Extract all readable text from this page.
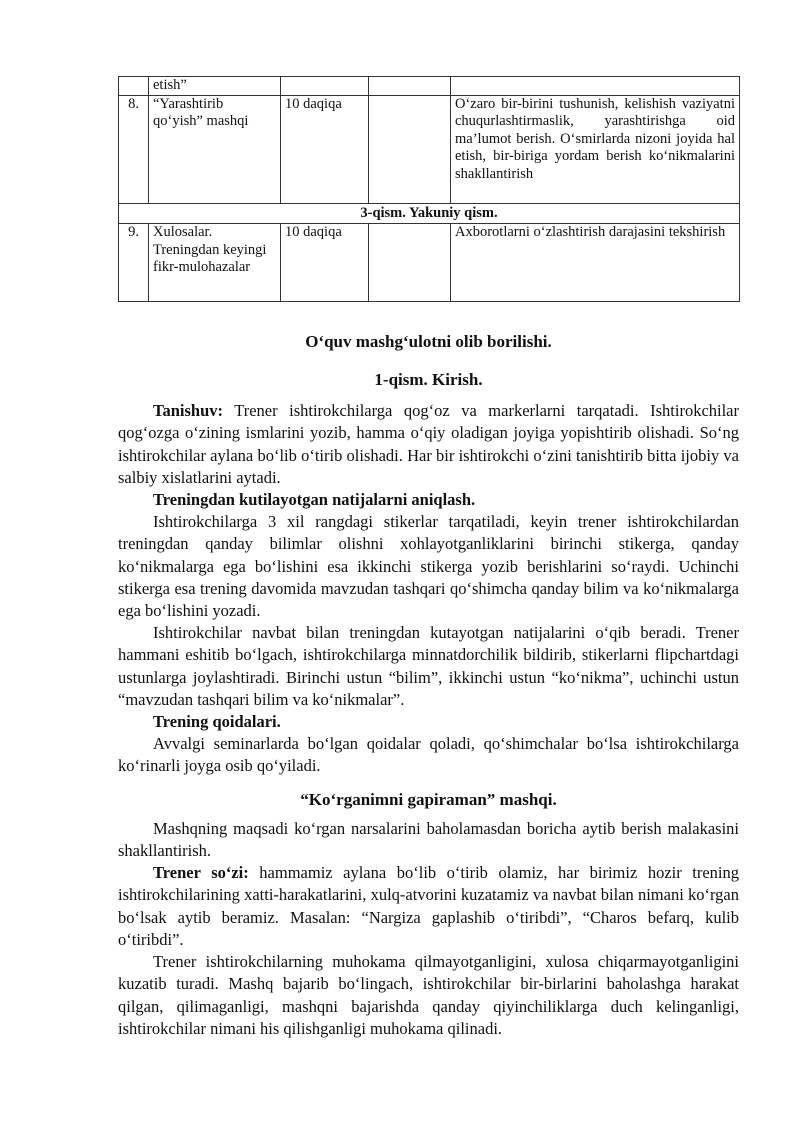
	etish”			
8.	“Yarashtirib qo‘yish” mashqi	10 daqiqa		O‘zaro bir-birini tushunish, kelishish vaziyatni chuqurlashtirmaslik, yarashtirishga oid ma’lumot berish. O‘smirlarda nizoni joyida hal etish, bir-biriga yordam berish ko‘nikmalarini shakllantirish
3-qism. Yakuniy qism.				
9.	Xulosalar. Treningdan keyingi fikr-mulohazalar	10 daqiqa		Axborotlarni o‘zlashtirish darajasini tekshirish
O‘quv mashg‘ulotni olib borilishi.
1-qism. Kirish.

Tanishuv: Trener ishtirokchilarga qog‘oz va markerlarni tarqatadi. Ishtirokchilar qog‘ozga o‘zining ismlarini yozib, hamma o‘qiy oladigan joyiga yopishtirib olishadi. So‘ng ishtirokchilar aylana bo‘lib o‘tirib olishadi. Har bir ishtirokchi o‘zini tanishtirib bitta ijobiy va salbiy xislatlarini aytadi.

Treningdan kutilayotgan natijalarni aniqlash.

Ishtirokchilarga 3 xil rangdagi stikerlar tarqatiladi, keyin trener ishtirokchilardan treningdan qanday bilimlar olishni xohlayotganliklarini birinchi stikerga, qanday ko‘nikmalarga ega bo‘lishini esa ikkinchi stikerga yozib berishlarini so‘raydi. Uchinchi stikerga esa trening davomida mavzudan tashqari qo‘shimcha qanday bilim va ko‘nikmalarga ega bo‘lishini yozadi.

Ishtirokchilar navbat bilan treningdan kutayotgan natijalarini o‘qib beradi. Trener hammani eshitib bo‘lgach, ishtirokchilarga minnatdorchilik bildirib, stikerlarni flipchartdagi ustunlarga joylashtiradi. Birinchi ustun “bilim”, ikkinchi ustun “ko‘nikma”, uchinchi ustun “mavzudan tashqari bilim va ko‘nikmalar”.

Trening qoidalari.

Avvalgi seminarlarda bo‘lgan qoidalar qoladi, qo‘shimchalar bo‘lsa ishtirokchilarga ko‘rinarli joyga osib qo‘yiladi.

“Ko‘rganimni gapiraman” mashqi.

Mashqning maqsadi ko‘rgan narsalarini baholamasdan boricha aytib berish malakasini shakllantirish.

Trener so‘zi: hammamiz aylana bo‘lib o‘tirib olamiz, har birimiz hozir trening ishtirokchilarining xatti-harakatlarini, xulq-atvorini kuzatamiz va navbat bilan nimani ko‘rgan bo‘lsak aytib beramiz. Masalan: “Nargiza gaplashib o‘tiribdi”, “Charos befarq, kulib o‘tiribdi”.

Trener ishtirokchilarning muhokama qilmayotganligini, xulosa chiqarmayotganligini kuzatib turadi. Mashq bajarib bo‘lingach, ishtirokchilar bir-birlarini baholashga harakat qilgan, qilimaganligi, mashqni bajarishda qanday qiyinchiliklarga duch kelinganligi, ishtirokchilar nimani his qilishganligi muhokama qilinadi.
